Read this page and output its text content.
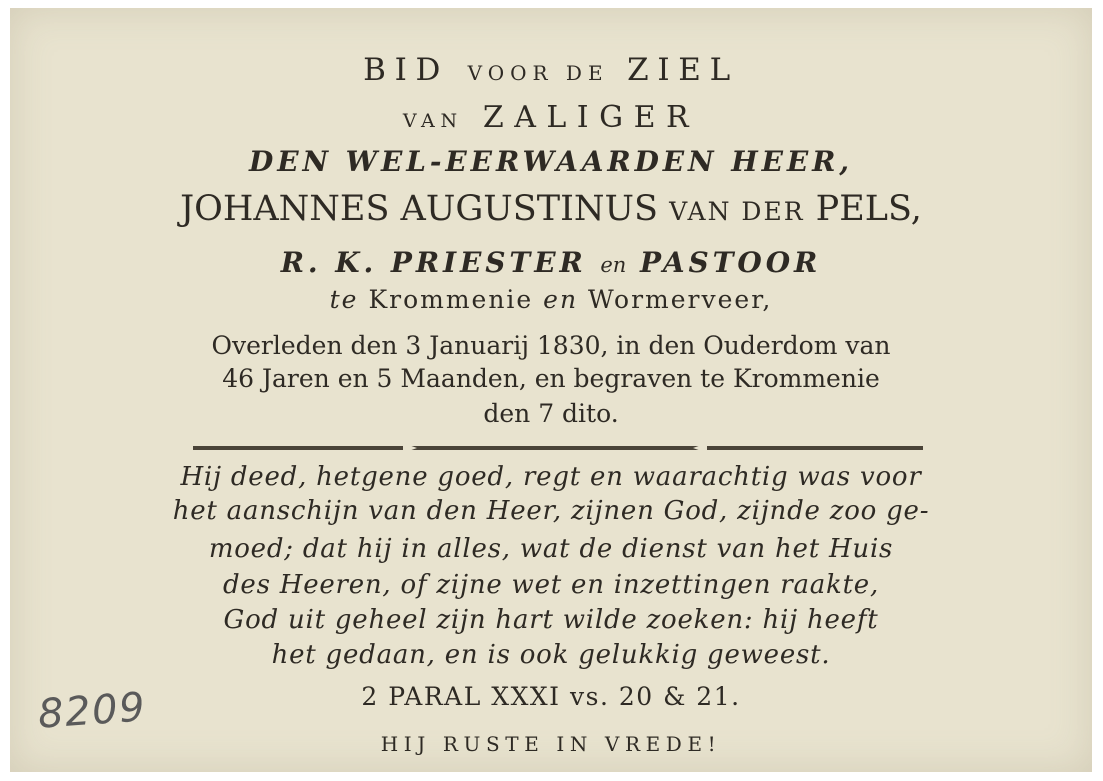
BID VOOR DE ZIEL
VAN ZALIGER
DEN WEL-EERWAARDEN HEER,
JOHANNES AUGUSTINUS VAN DER PELS,
R. K. PRIESTER en PASTOOR
te Krommenie en Wormerveer,
Overleden den 3 Januarij 1830, in den Ouderdom van
46 Jaren en 5 Maanden, en begraven te Krommenie
den 7 dito.
Hij deed, hetgene goed, regt en waarachtig was voor
het aanschijn van den Heer, zijnen God, zijnde zoo ge-
moed; dat hij in alles, wat de dienst van het Huis
des Heeren, of zijne wet en inzettingen raakte,
God uit geheel zijn hart wilde zoeken: hij heeft
het gedaan, en is ook gelukkig geweest.
2 PARAL XXXI vs. 20 & 21.
HIJ RUSTE IN VREDE!
8209
